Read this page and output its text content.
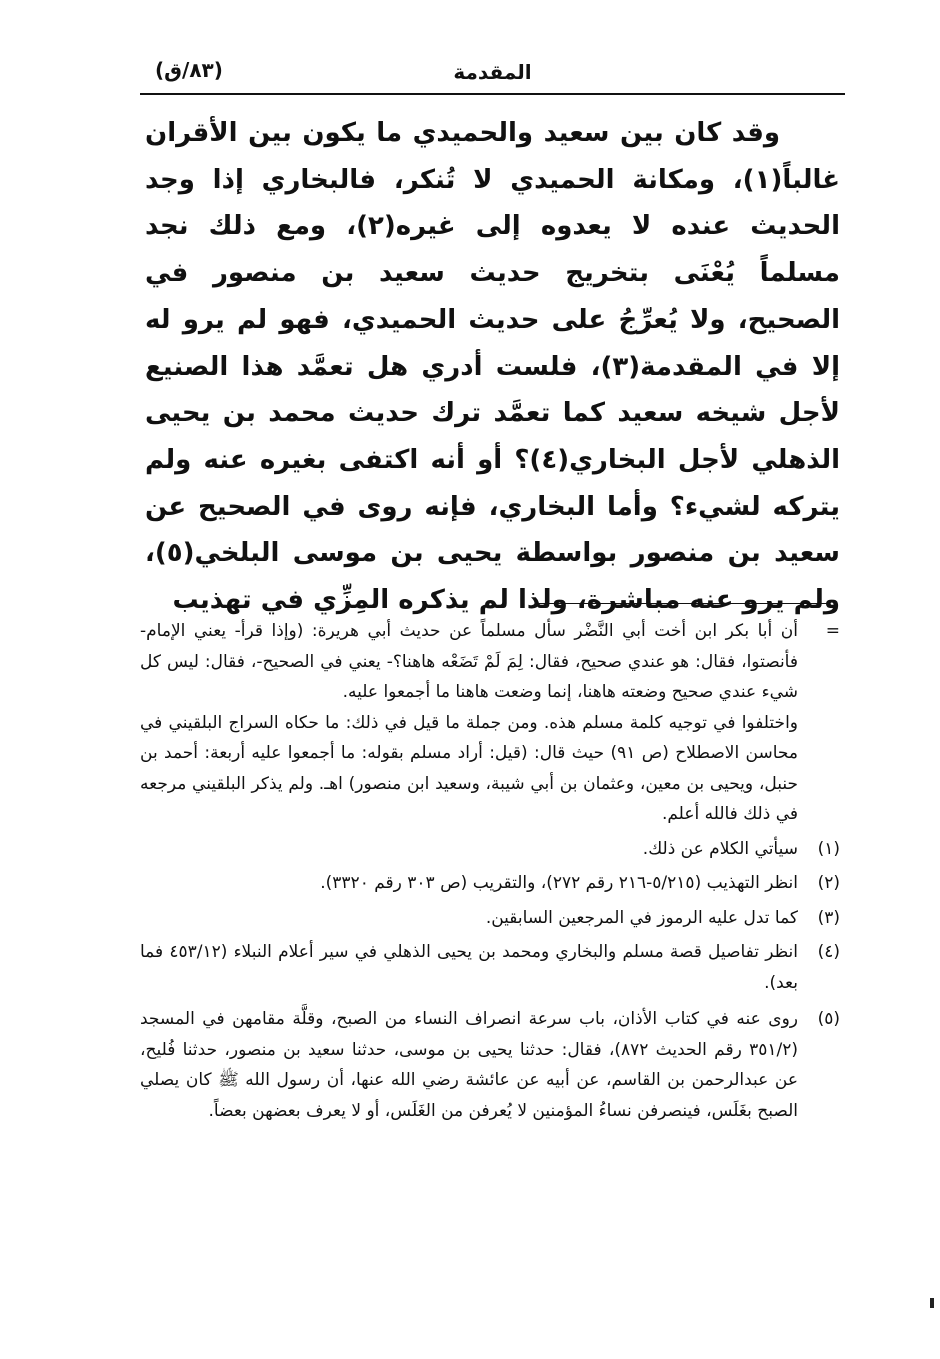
المقدمة
(٨٣/ق)

وقد كان بين سعيد والحميدي ما يكون بين الأقران غالباً(١)، ومكانة الحميدي لا تُنكر، فالبخاري إذا وجد الحديث عنده لا يعدوه إلى غيره(٢)، ومع ذلك نجد مسلماً يُعْنَى بتخريج حديث سعيد بن منصور في الصحيح، ولا يُعرِّجُ على حديث الحميدي، فهو لم يرو له إلا في المقدمة(٣)، فلست أدري هل تعمَّد هذا الصنيع لأجل شيخه سعيد كما تعمَّد ترك حديث محمد بن يحيى الذهلي لأجل البخاري(٤)؟ أو أنه اكتفى بغيره عنه ولم يتركه لشيء؟ وأما البخاري، فإنه روى في الصحيح عن سعيد بن منصور بواسطة يحيى بن موسى البلخي(٥)، ولم يرو عنه مباشرة، ولذا لم يذكره المِزِّي في تهذيب

=

أن أبا بكر ابن أخت أبي النَّضْر سأل مسلماً عن حديث أبي هريرة: (وإذا قرأ- يعني الإمام- فأنصتوا، فقال: هو عندي صحيح، فقال: لِمَ لَمْ تَضَعْه هاهنا؟- يعني في الصحيح-، فقال: ليس كل شيء عندي صحيح وضعته هاهنا، إنما وضعت هاهنا ما أجمعوا عليه.

واختلفوا في توجيه كلمة مسلم هذه. ومن جملة ما قيل في ذلك: ما حكاه السراج البلقيني في محاسن الاصطلاح (ص ٩١) حيث قال: (قيل: أراد مسلم بقوله: ما أجمعوا عليه أربعة: أحمد بن حنبل، ويحيى بن معين، وعثمان بن أبي شيبة، وسعيد ابن منصور) اهـ. ولم يذكر البلقيني مرجعه في ذلك فالله أعلم.

(١)
سيأتي الكلام عن ذلك.
(٢)
انظر التهذيب (٥/٢١٥-٢١٦ رقم ٢٧٢)، والتقريب (ص ٣٠٣ رقم ٣٣٢٠).
(٣)
كما تدل عليه الرموز في المرجعين السابقين.
(٤)
انظر تفاصيل قصة مسلم والبخاري ومحمد بن يحيى الذهلي في سير أعلام النبلاء (٤٥٣/١٢ فما بعد).
(٥)
روى عنه في كتاب الأذان، باب سرعة انصراف النساء من الصبح، وقلَّة مقامهن في المسجد (٣٥١/٢ رقم الحديث ٨٧٢)، فقال: حدثنا يحيى بن موسى، حدثنا سعيد بن منصور، حدثنا فُليح، عن عبدالرحمن بن القاسم، عن أبيه عن عائشة رضي الله عنها، أن رسول الله ﷺ كان يصلي الصبح بغَلَس، فينصرفن نساءُ المؤمنين لا يُعرفن من الغَلَس، أو لا يعرف بعضهن بعضاً.
